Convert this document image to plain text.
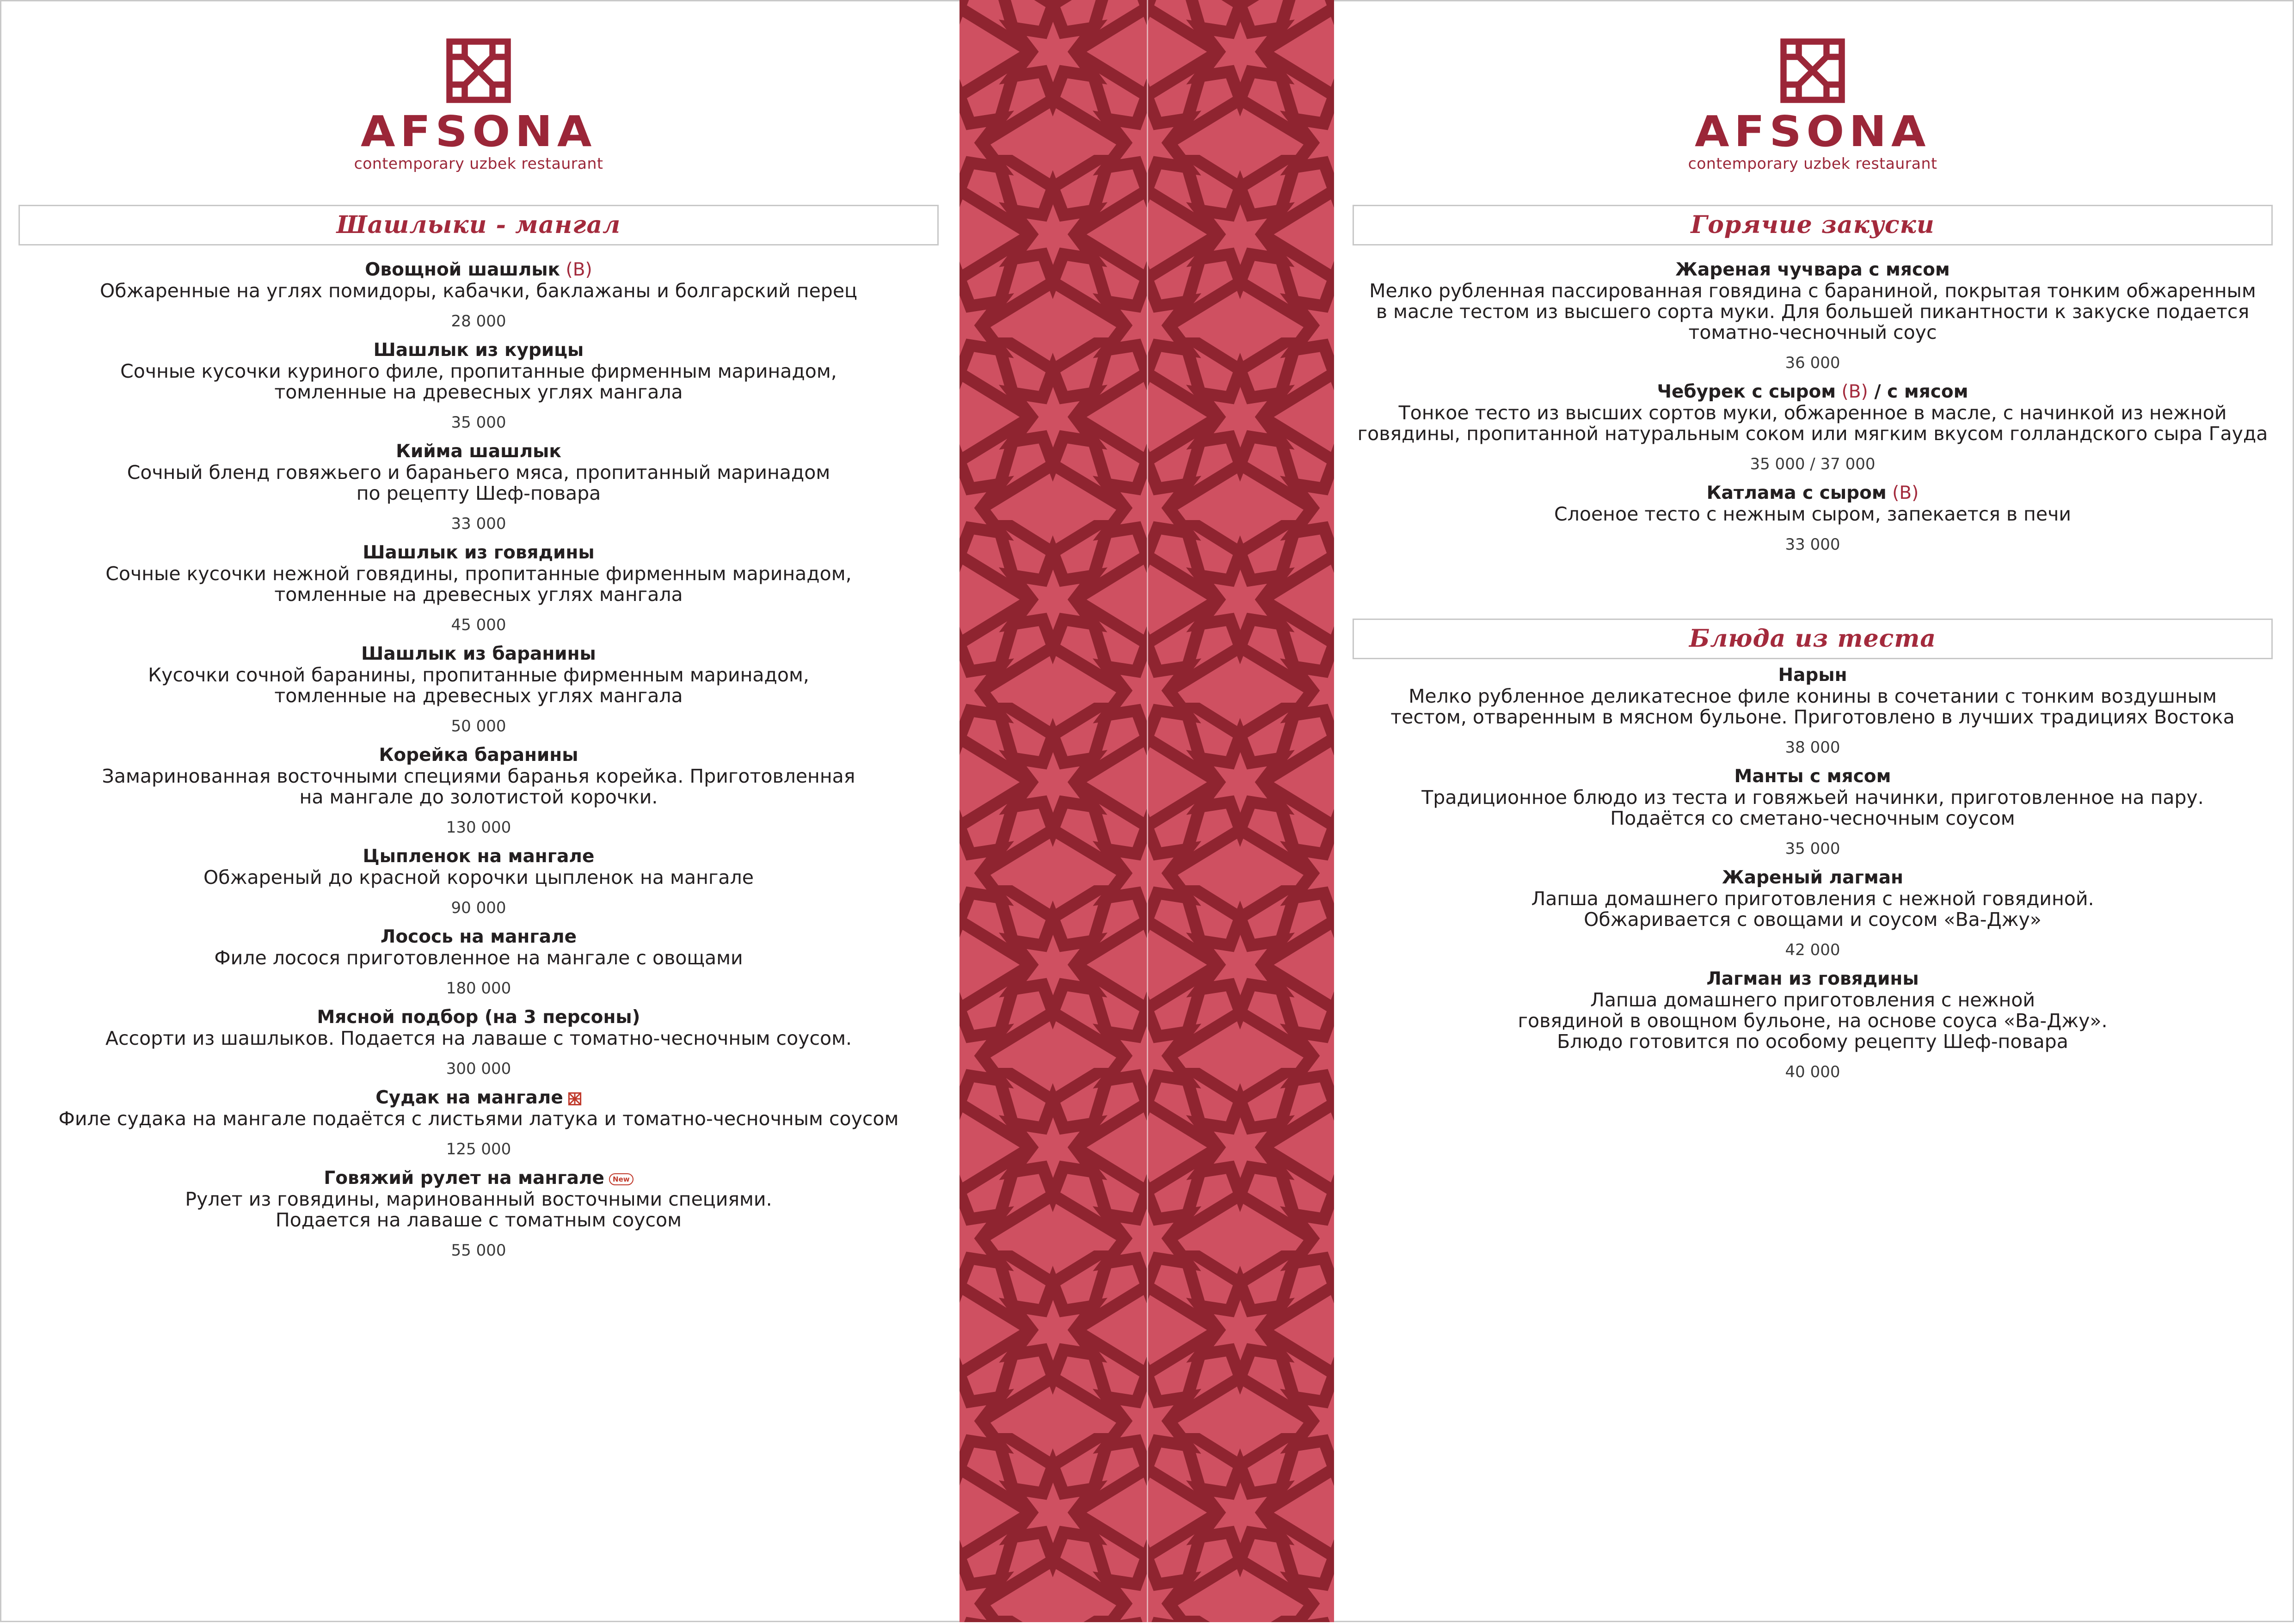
AFSONA
contemporary uzbek restaurant
Шашлыки - мангал
Овощной шашлык (В)
Обжаренные на углях помидоры, кабачки, баклажаны и болгарский перец
28 000
Шашлык из курицы
Сочные кусочки куриного филе, пропитанные фирменным маринадом,
томленные на древесных углях мангала
35 000
Кийма шашлык
Сочный бленд говяжьего и бараньего мяса, пропитанный маринадом
по рецепту Шеф-повара
33 000
Шашлык из говядины
Сочные кусочки нежной говядины, пропитанные фирменным маринадом,
томленные на древесных углях мангала
45 000
Шашлык из баранины
Кусочки сочной баранины, пропитанные фирменным маринадом,
томленные на древесных углях мангала
50 000
Корейка баранины
Замаринованная восточными специями баранья корейка. Приготовленная
на мангале до золотистой корочки.
130 000
Цыпленок на мангале
Обжареный до красной корочки цыпленок на мангале
90 000
Лосось на мангале
Филе лосося приготовленное на мангале с овощами
180 000
Мясной подбор (на 3 персоны)
Ассорти из шашлыков. Подается на лаваше с томатно-чесночным соусом.
300 000
Судак на мангале
Филе судака на мангале подаётся с листьями латука и томатно-чесночным соусом
125 000
Говяжий рулет на мангале New
Рулет из говядины, маринованный восточными специями.
Подается на лаваше с томатным соусом
55 000
AFSONA
contemporary uzbek restaurant
Горячие закуски
Жареная чучвара с мясом
Мелко рубленная пассированная говядина с бараниной, покрытая тонким обжаренным
в масле тестом из высшего сорта муки. Для большей пикантности к закуске подается
томатно-чесночный соус
36 000
Чебурек с сыром (В) / с мясом
Тонкое тесто из высших сортов муки, обжаренное в масле, с начинкой из нежной
говядины, пропитанной натуральным соком или мягким вкусом голландского сыра Гауда
35 000 / 37 000
Катлама с сыром (В)
Слоеное тесто с нежным сыром, запекается в печи
33 000
Блюда из теста
Нарын
Мелко рубленное деликатесное филе конины в сочетании с тонким воздушным
тестом, отваренным в мясном бульоне. Приготовлено в лучших традициях Востока
38 000
Манты с мясом
Традиционное блюдо из теста и говяжьей начинки, приготовленное на пару.
Подаётся со сметано-чесночным соусом
35 000
Жареный лагман
Лапша домашнего приготовления с нежной говядиной.
Обжаривается с овощами и соусом «Ва-Джу»
42 000
Лагман из говядины
Лапша домашнего приготовления с нежной
говядиной в овощном бульоне, на основе соуса «Ва-Джу».
Блюдо готовится по особому рецепту Шеф-повара
40 000
